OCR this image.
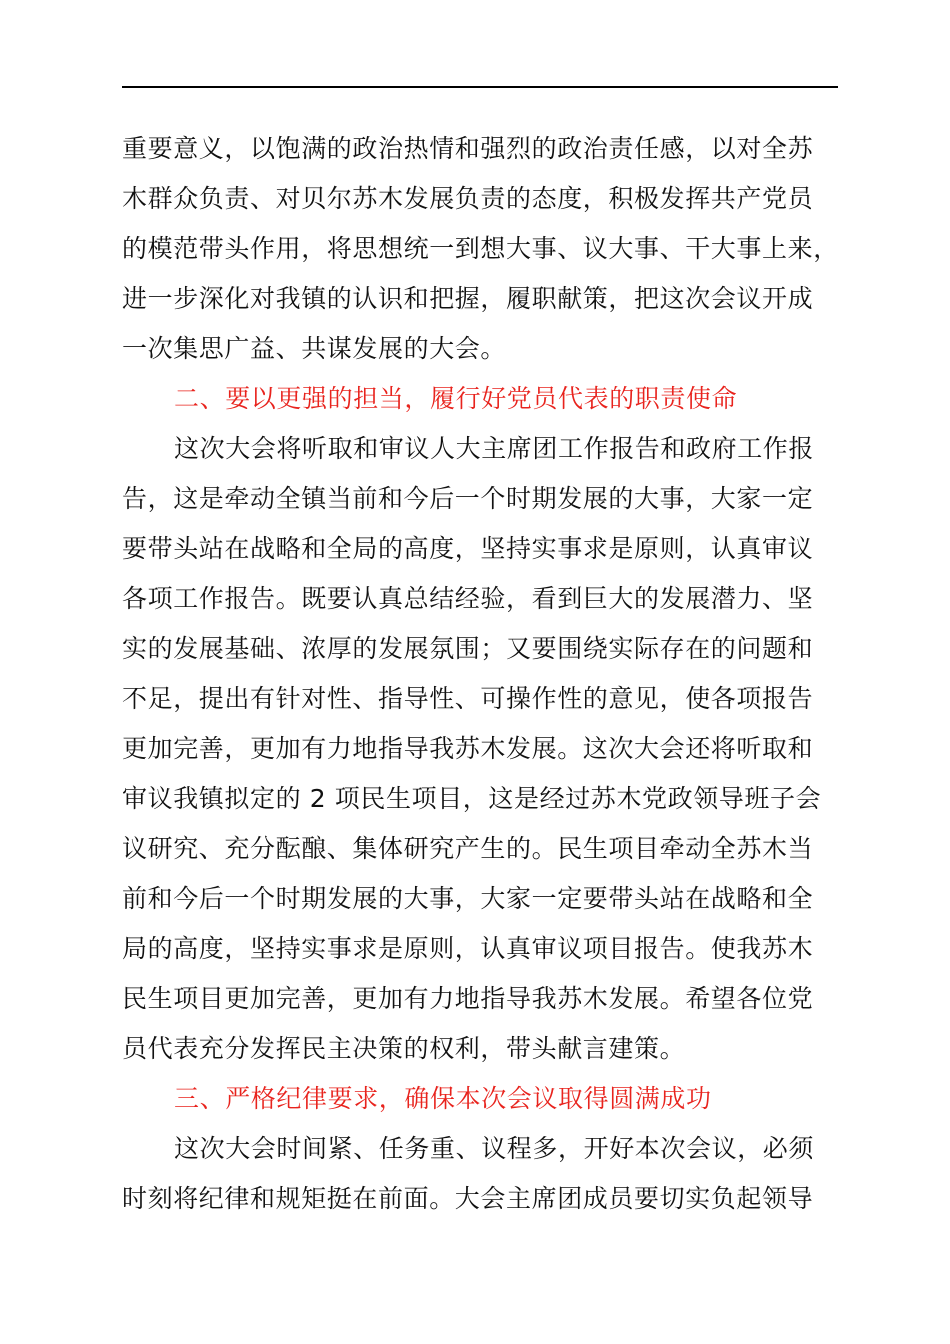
重要意义，以饱满的政治热情和强烈的政治责任感，以对全苏
木群众负责、对贝尔苏木发展负责的态度，积极发挥共产党员
的模范带头作用，将思想统一到想大事、议大事、干大事上来，
进一步深化对我镇的认识和把握，履职献策，把这次会议开成
一次集思广益、共谋发展的大会。
二、要以更强的担当，履行好党员代表的职责使命
这次大会将听取和审议人大主席团工作报告和政府工作报
告，这是牵动全镇当前和今后一个时期发展的大事，大家一定
要带头站在战略和全局的高度，坚持实事求是原则，认真审议
各项工作报告。既要认真总结经验，看到巨大的发展潜力、坚
实的发展基础、浓厚的发展氛围；又要围绕实际存在的问题和
不足，提出有针对性、指导性、可操作性的意见，使各项报告
更加完善，更加有力地指导我苏木发展。这次大会还将听取和
审议我镇拟定的 2 项民生项目，这是经过苏木党政领导班子会
议研究、充分酝酿、集体研究产生的。民生项目牵动全苏木当
前和今后一个时期发展的大事，大家一定要带头站在战略和全
局的高度，坚持实事求是原则，认真审议项目报告。使我苏木
民生项目更加完善，更加有力地指导我苏木发展。希望各位党
员代表充分发挥民主决策的权利，带头献言建策。
三、严格纪律要求，确保本次会议取得圆满成功
这次大会时间紧、任务重、议程多，开好本次会议，必须
时刻将纪律和规矩挺在前面。大会主席团成员要切实负起领导
